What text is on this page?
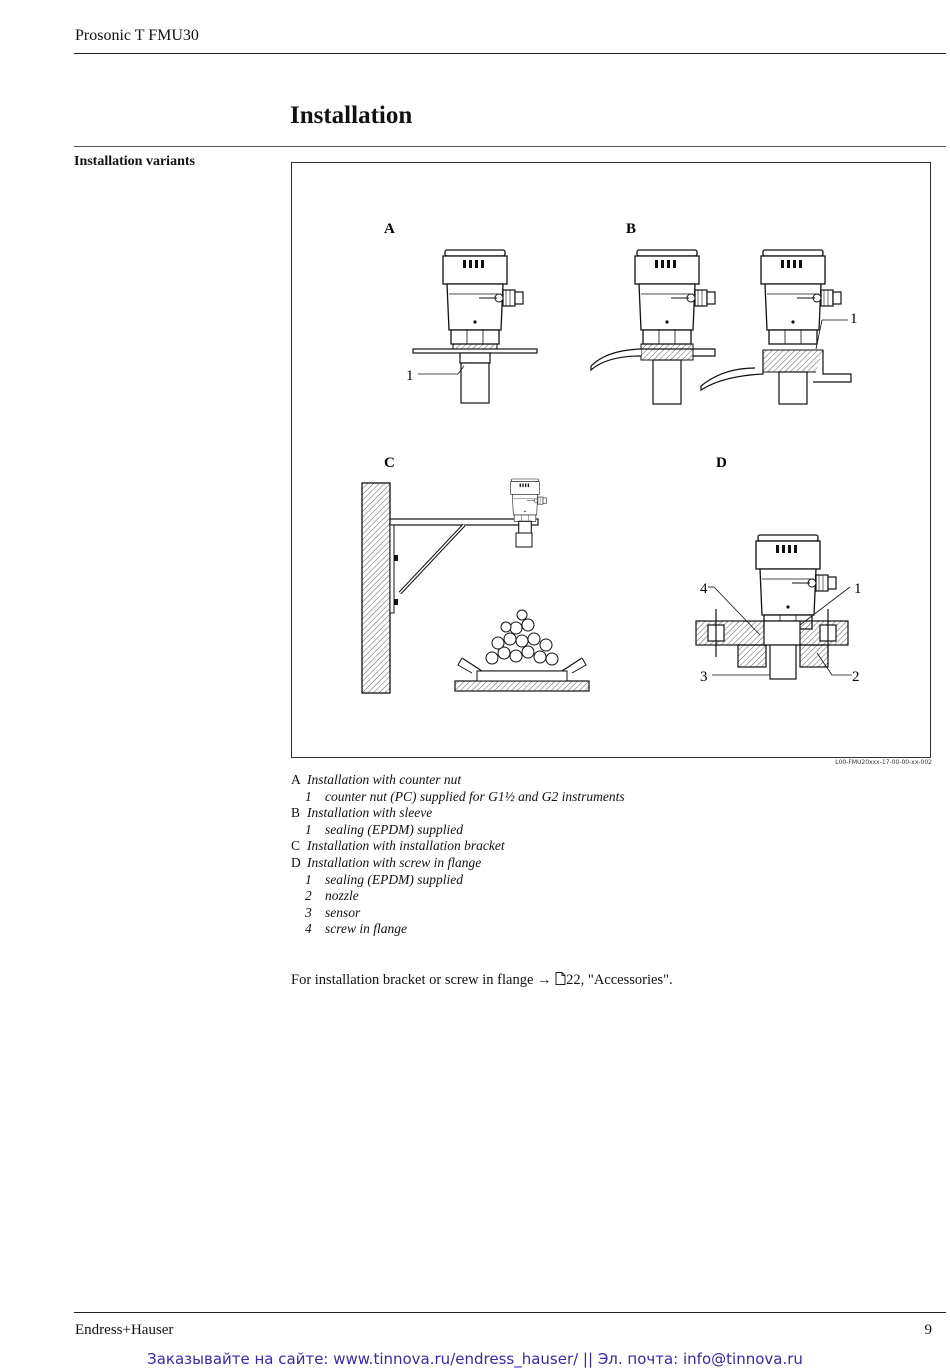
Prosonic T FMU30
Installation
Installation variants
A
1
B
1
C	D
4	1
3	2
L00-FMU20xxx-17-00-00-xx-002
A Installation with counter nut
1 counter nut (PC) supplied for G1½ and G2 instruments
B Installation with sleeve
1 sealing (EPDM) supplied
C Installation with installation bracket
D Installation with screw in flange
1 sealing (EPDM) supplied
2 nozzle
3 sensor
4 screw in flange
For installation bracket or screw in flange → 22, "Accessories".
Endress+Hauser	9
Заказывайте на сайте: www.tinnova.ru/endress_hauser/ || Эл. почта: info@tinnova.ru
